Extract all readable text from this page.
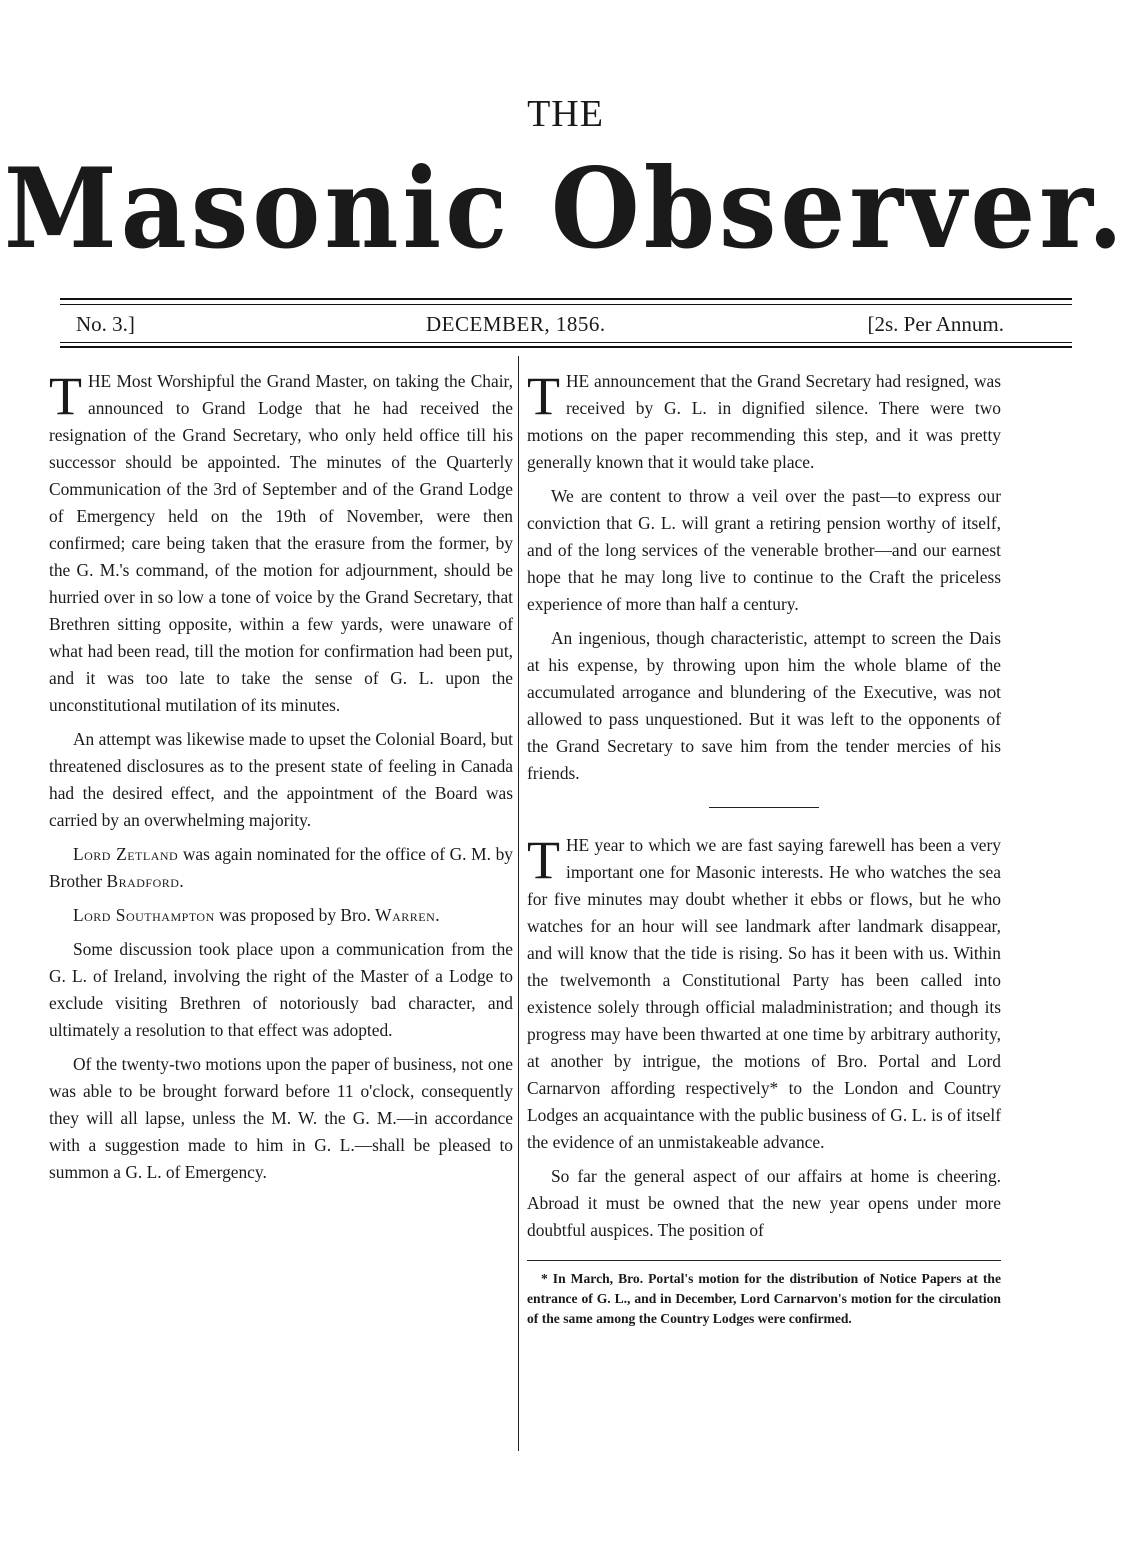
THE
Masonic Observer.
No. 3.]	DECEMBER, 1856.	[2s. Per Annum.

THE Most Worshipful the Grand Master, on taking the Chair, announced to Grand Lodge that he had received the resignation of the Grand Secretary, who only held office till his successor should be appointed. The minutes of the Quarterly Communication of the 3rd of September and of the Grand Lodge of Emergency held on the 19th of November, were then confirmed; care being taken that the erasure from the former, by the G. M.'s command, of the motion for adjournment, should be hurried over in so low a tone of voice by the Grand Secretary, that Brethren sitting opposite, within a few yards, were unaware of what had been read, till the motion for confirmation had been put, and it was too late to take the sense of G. L. upon the unconstitutional mutilation of its minutes.

An attempt was likewise made to upset the Colonial Board, but threatened disclosures as to the present state of feeling in Canada had the desired effect, and the appointment of the Board was carried by an overwhelming majority.

Lord Zetland was again nominated for the office of G. M. by Brother Bradford.

Lord Southampton was proposed by Bro. Warren.

Some discussion took place upon a communication from the G. L. of Ireland, involving the right of the Master of a Lodge to exclude visiting Brethren of notoriously bad character, and ultimately a resolution to that effect was adopted.

Of the twenty-two motions upon the paper of business, not one was able to be brought forward before 11 o'clock, consequently they will all lapse, unless the M. W. the G. M.—in accordance with a suggestion made to him in G. L.—shall be pleased to summon a G. L. of Emergency.

THE announcement that the Grand Secretary had resigned, was received by G. L. in dignified silence. There were two motions on the paper recommending this step, and it was pretty generally known that it would take place.

We are content to throw a veil over the past—to express our conviction that G. L. will grant a retiring pension worthy of itself, and of the long services of the venerable brother—and our earnest hope that he may long live to continue to the Craft the priceless experience of more than half a century.

An ingenious, though characteristic, attempt to screen the Dais at his expense, by throwing upon him the whole blame of the accumulated arrogance and blundering of the Executive, was not allowed to pass unquestioned. But it was left to the opponents of the Grand Secretary to save him from the tender mercies of his friends.

THE year to which we are fast saying farewell has been a very important one for Masonic interests. He who watches the sea for five minutes may doubt whether it ebbs or flows, but he who watches for an hour will see landmark after landmark disappear, and will know that the tide is rising. So has it been with us. Within the twelvemonth a Constitutional Party has been called into existence solely through official maladministration; and though its progress may have been thwarted at one time by arbitrary authority, at another by intrigue, the motions of Bro. Portal and Lord Carnarvon affording respectively* to the London and Country Lodges an acquaintance with the public business of G. L. is of itself the evidence of an unmistakeable advance.

So far the general aspect of our affairs at home is cheering. Abroad it must be owned that the new year opens under more doubtful auspices. The position of

* In March, Bro. Portal's motion for the distribution of Notice Papers at the entrance of G. L., and in December, Lord Carnarvon's motion for the circulation of the same among the Country Lodges were confirmed.
